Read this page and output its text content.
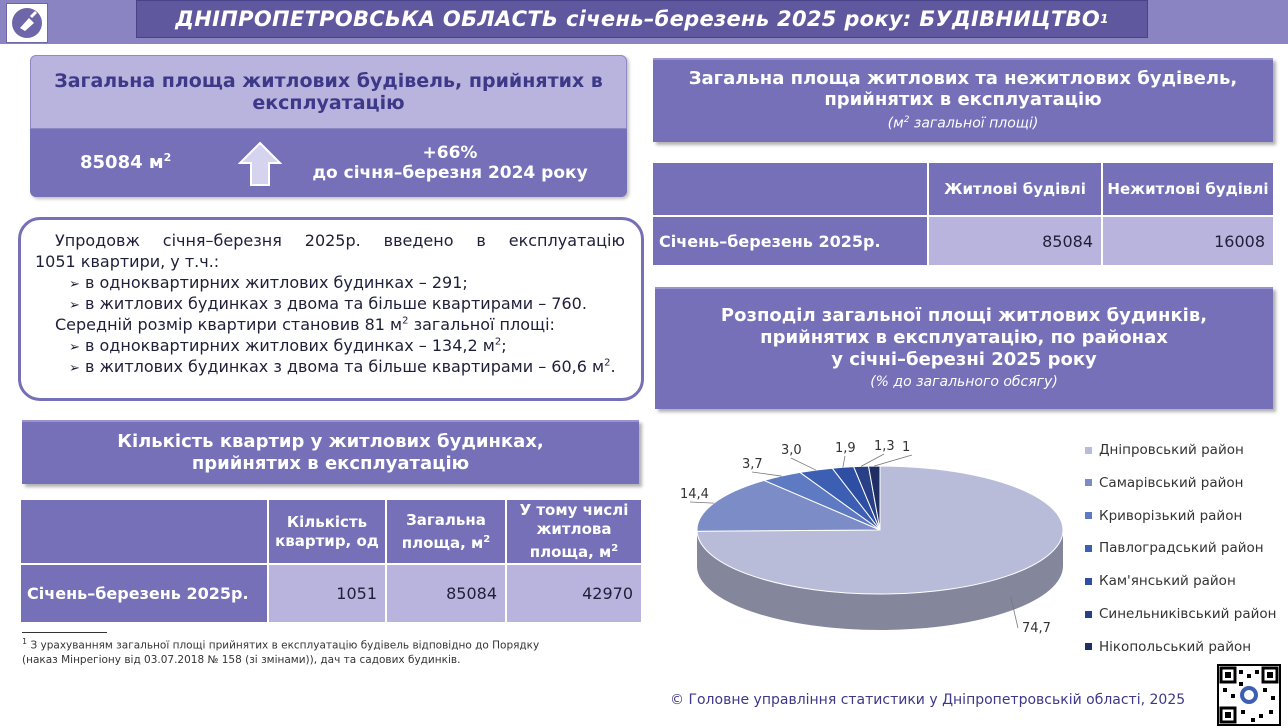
ДНІПРОПЕТРОВСЬКА ОБЛАСТЬ січень–березень 2025 року: БУДІВНИЦТВО 1
Загальна площа житлових будівель, прийнятих в експлуатацію
85084 $м^2$	+66%
до січня–березня 2024 року
Упродовж січня–березня 2025р. введено в експлуатацію
1051 квартири, у т.ч.:
➢ в одноквартирних житлових будинках – 291;
➢ в житлових будинках з двома та більше квартирами – 760.
Середній розмір квартири становив 81 $м^2$ загальної площі:
➢ в одноквартирних житлових будинках – 134,2 $м^2$;
➢ в житлових будинках з двома та більше квартирами – 60,6 $м^2$.
Кількість квартир у житлових будинках, прийнятих в експлуатацію
	Кількість квартир, од	Загальна площа, $м^2$	У тому числі житлова площа, $м^2$
Січень–березень 2025р.	1051	85084	42970
$^1$ З урахуванням загальної площі прийнятих в експлуатацію будівель відповідно до Порядку
(наказ Мінрегіону від 03.07.2018 № 158 (зі змінами)), дач та садових будинків.
Загальна площа житлових та нежитлових будівель, прийнятих в експлуатацію
($м^2$ загальної площі)
	Житлові будівлі	Нежитлові будівлі
Січень–березень 2025р.	85084	16008
Розподіл загальної площі житлових будинків,
прийнятих в експлуатацію, по районах
у січні–березні 2025 року
(% до загального обсягу)
74,7
14,4
3,7
3,0	1,9 1,3 1	Дніпровський район
Самарівський район
Криворізький район
Павлоградський район
Кам'янський район
Синельниківський район
Нікопольський район
© Головне управління статистики у Дніпропетровській області, 2025
